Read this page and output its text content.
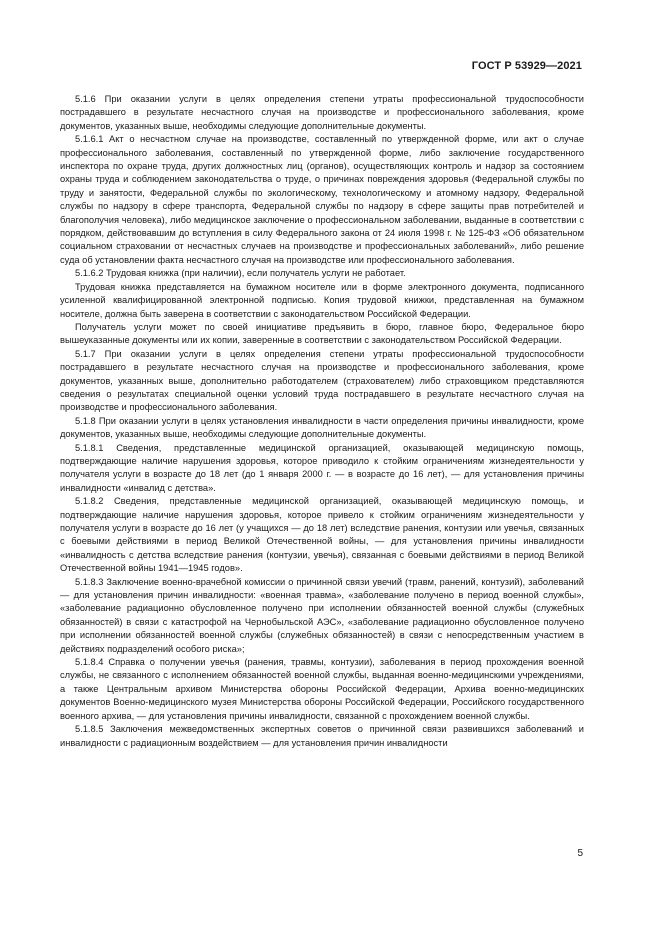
ГОСТ Р 53929—2021

5.1.6 При оказании услуги в целях определения степени утраты профессиональной трудоспособности пострадавшего в результате несчастного случая на производстве и профессионального заболевания, кроме документов, указанных выше, необходимы следующие дополнительные документы.

5.1.6.1 Акт о несчастном случае на производстве, составленный по утвержденной форме, или акт о случае профессионального заболевания, составленный по утвержденной форме, либо заключение государственного инспектора по охране труда, других должностных лиц (органов), осуществляющих контроль и надзор за состоянием охраны труда и соблюдением законодательства о труде, о причинах повреждения здоровья (Федеральной службы по труду и занятости, Федеральной службы по экологическому, технологическому и атомному надзору, Федеральной службы по надзору в сфере транспорта, Федеральной службы по надзору в сфере защиты прав потребителей и благополучия человека), либо медицинское заключение о профессиональном заболевании, выданные в соответствии с порядком, действовавшим до вступления в силу Федерального закона от 24 июля 1998 г. № 125-ФЗ «Об обязательном социальном страховании от несчастных случаев на производстве и профессиональных заболеваний», либо решение суда об установлении факта несчастного случая на производстве или профессионального заболевания.

5.1.6.2 Трудовая книжка (при наличии), если получатель услуги не работает.

Трудовая книжка представляется на бумажном носителе или в форме электронного документа, подписанного усиленной квалифицированной электронной подписью. Копия трудовой книжки, представленная на бумажном носителе, должна быть заверена в соответствии с законодательством Российской Федерации.

Получатель услуги может по своей инициативе предъявить в бюро, главное бюро, Федеральное бюро вышеуказанные документы или их копии, заверенные в соответствии с законодательством Российской Федерации.

5.1.7 При оказании услуги в целях определения степени утраты профессиональной трудоспособности пострадавшего в результате несчастного случая на производстве и профессионального заболевания, кроме документов, указанных выше, дополнительно работодателем (страхователем) либо страховщиком представляются сведения о результатах специальной оценки условий труда пострадавшего в результате несчастного случая на производстве и профессионального заболевания.

5.1.8 При оказании услуги в целях установления инвалидности в части определения причины инвалидности, кроме документов, указанных выше, необходимы следующие дополнительные документы.

5.1.8.1 Сведения, представленные медицинской организацией, оказывающей медицинскую помощь, подтверждающие наличие нарушения здоровья, которое приводило к стойким ограничениям жизнедеятельности у получателя услуги в возрасте до 18 лет (до 1 января 2000 г. — в возрасте до 16 лет), — для установления причины инвалидности «инвалид с детства».

5.1.8.2 Сведения, представленные медицинской организацией, оказывающей медицинскую помощь, и подтверждающие наличие нарушения здоровья, которое привело к стойким ограничениям жизнедеятельности у получателя услуги в возрасте до 16 лет (у учащихся — до 18 лет) вследствие ранения, контузии или увечья, связанных с боевыми действиями в период Великой Отечественной войны, — для установления причины инвалидности «инвалидность с детства вследствие ранения (контузии, увечья), связанная с боевыми действиями в период Великой Отечественной войны 1941—1945 годов».

5.1.8.3 Заключение военно-врачебной комиссии о причинной связи увечий (травм, ранений, контузий), заболеваний — для установления причин инвалидности: «военная травма», «заболевание получено в период военной службы», «заболевание радиационно обусловленное получено при исполнении обязанностей военной службы (служебных обязанностей) в связи с катастрофой на Чернобыльской АЭС», «заболевание радиационно обусловленное получено при исполнении обязанностей военной службы (служебных обязанностей) в связи с непосредственным участием в действиях подразделений особого риска»;

5.1.8.4 Справка о получении увечья (ранения, травмы, контузии), заболевания в период прохождения военной службы, не связанного с исполнением обязанностей военной службы, выданная военно-медицинскими учреждениями, а также Центральным архивом Министерства обороны Российской Федерации, Архива военно-медицинских документов Военно-медицинского музея Министерства обороны Российской Федерации, Российского государственного военного архива, — для установления причины инвалидности, связанной с прохождением военной службы.

5.1.8.5 Заключения межведомственных экспертных советов о причинной связи развившихся заболеваний и инвалидности с радиационным воздействием — для установления причин инвалидности

5
